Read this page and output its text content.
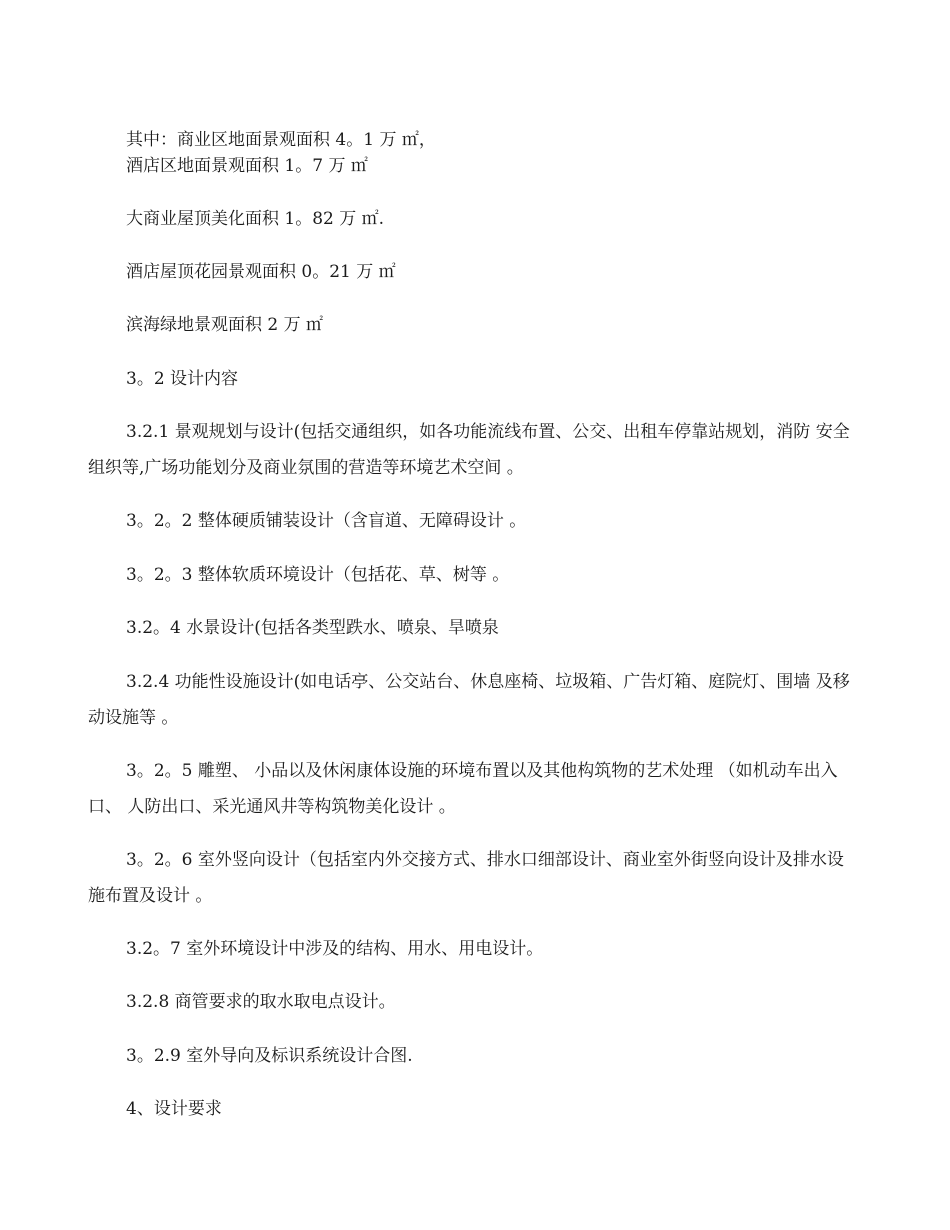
其中：商业区地面景观面积 4。1 万 ㎡，

酒店区地面景观面积 1。7 万 ㎡

大商业屋顶美化面积 1。82 万 ㎡.

酒店屋顶花园景观面积 0。21 万 ㎡

滨海绿地景观面积 2 万 ㎡

3。2 设计内容

3.2.1 景观规划与设计(包括交通组织，如各功能流线布置、公交、出租车停靠站规划，消防 安全组织等,广场功能划分及商业氛围的营造等环境艺术空间 。

3。2。2 整体硬质铺装设计（含盲道、无障碍设计 。

3。2。3 整体软质环境设计（包括花、草、树等 。

3.2。4 水景设计(包括各类型跌水、喷泉、旱喷泉

3.2.4 功能性设施设计(如电话亭、公交站台、休息座椅、垃圾箱、广告灯箱、庭院灯、围墙 及移动设施等 。

3。2。5 雕塑、 小品以及休闲康体设施的环境布置以及其他构筑物的艺术处理 （如机动车出入口、 人防出口、采光通风井等构筑物美化设计 。

3。2。6 室外竖向设计（包括室内外交接方式、排水口细部设计、商业室外街竖向设计及排水设 施布置及设计 。

3.2。7 室外环境设计中涉及的结构、用水、用电设计。

3.2.8 商管要求的取水取电点设计。

3。2.9 室外导向及标识系统设计合图.

4、设计要求
